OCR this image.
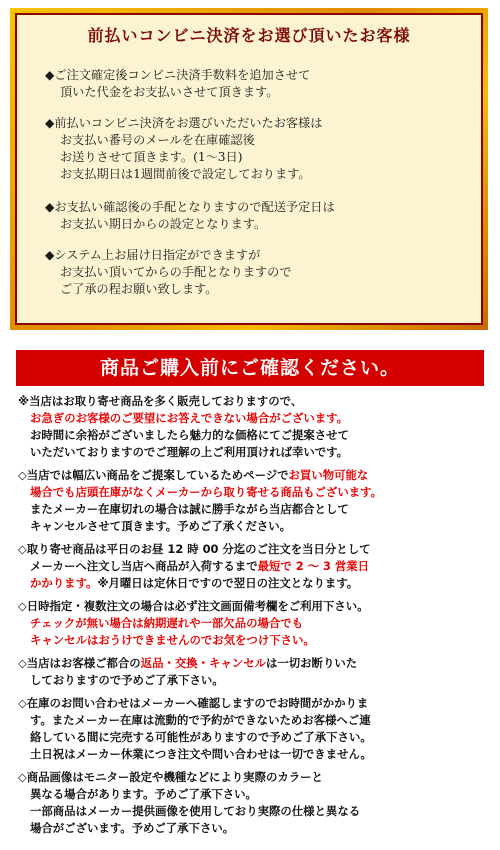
前払いコンビニ決済をお選び頂いたお客様
◆ご注文確定後コンビニ決済手数料を追加させて
頂いた代金をお支払いさせて頂きます。
◆前払いコンビニ決済をお選びいただいたお客様は
お支払い番号のメールを在庫確認後
お送りさせて頂きます。(1～3日)
お支払期日は1週間前後で設定しております。
◆お支払い確認後の手配となりますので配送予定日は
お支払い期日からの設定となります。
◆システム上お届け日指定ができますが
お支払い頂いてからの手配となりますので
ご了承の程お願い致します。
商品ご購入前にご確認ください。
※当店はお取り寄せ商品を多く販売しておりますので、
お急ぎのお客様のご要望にお答えできない場合がございます。
お時間に余裕がございましたら魅力的な価格にてご提案させて
いただいておりますのでご理解の上ご利用頂ければ幸いです。
◇当店では幅広い商品をご提案しているためページでお買い物可能な
場合でも店頭在庫がなくメーカーから取り寄せる商品もございます。
またメーカー在庫切れの場合は誠に勝手ながら当店都合として
キャンセルさせて頂きます。予めご了承ください。
◇取り寄せ商品は平日のお昼 12 時 00 分迄のご注文を当日分として
メーカーへ注文し当店へ商品が入荷するまで最短で 2 ～ 3 営業日
かかります。※月曜日は定休日ですので翌日の注文となります。
◇日時指定・複数注文の場合は必ず注文画面備考欄をご利用下さい。
チェックが無い場合は納期遅れや一部欠品の場合でも
キャンセルはおうけできませんのでお気をつけ下さい。
◇当店はお客様ご都合の返品・交換・キャンセルは一切お断りいた
しておりますので予めご了承下さい。
◇在庫のお問い合わせはメーカーへ確認しますのでお時間がかかりま
す。またメーカー在庫は流動的で予約ができないためお客様へご連
絡している間に完売する可能性がありますので予めご了承下さい。
土日祝はメーカー休業につき注文や問い合わせは一切できません。
◇商品画像はモニター設定や機種などにより実際のカラーと
異なる場合があります。予めご了承下さい。
一部商品はメーカー提供画像を使用しており実際の仕様と異なる
場合がございます。予めご了承下さい。
